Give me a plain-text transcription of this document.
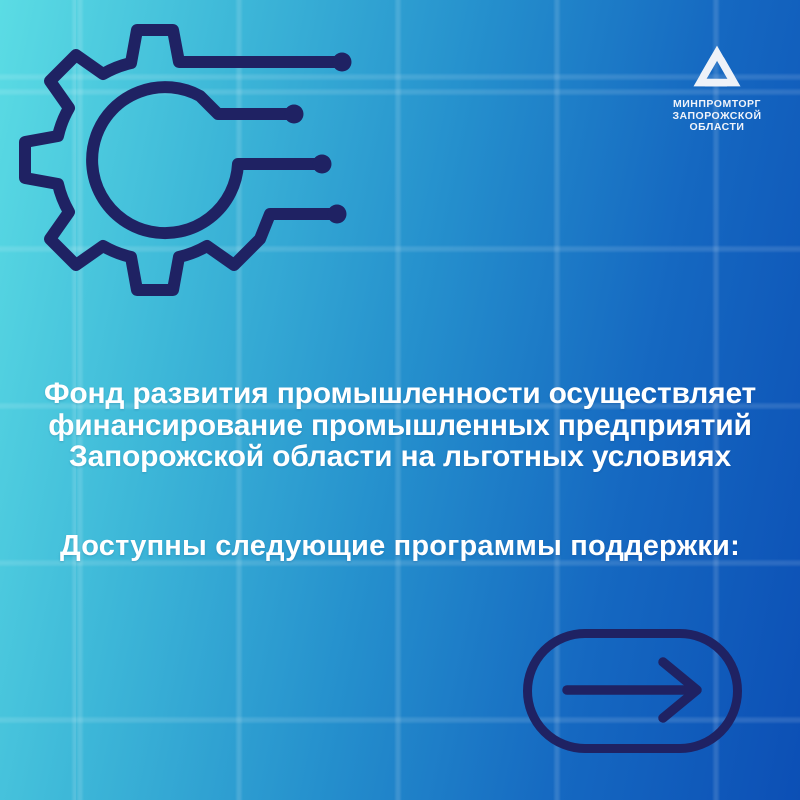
МИНПРОМТОРГ
ЗАПОРОЖСКОЙ
ОБЛАСТИ
Фонд развития промышленности осуществляет
финансирование промышленных предприятий
Запорожской области на льготных условиях
Доступны следующие программы поддержки:
